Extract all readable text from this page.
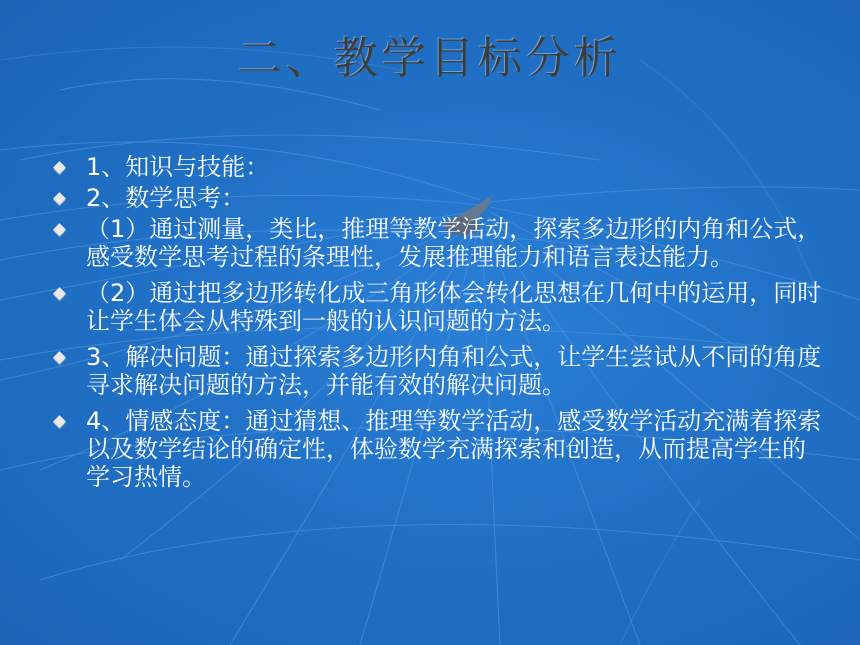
二、教学目标分析
1、知识与技能：
2、数学思考：
（1）通过测量，类比，推理等教学活动，探索多边形的内角和公式，感受数学思考过程的条理性，发展推理能力和语言表达能力。
（2）通过把多边形转化成三角形体会转化思想在几何中的运用，同时让学生体会从特殊到一般的认识问题的方法。
3、解决问题：通过探索多边形内角和公式，让学生尝试从不同的角度寻求解决问题的方法，并能有效的解决问题。
4、情感态度：通过猜想、推理等数学活动，感受数学活动充满着探索以及数学结论的确定性，体验数学充满探索和创造，从而提高学生的学习热情。
